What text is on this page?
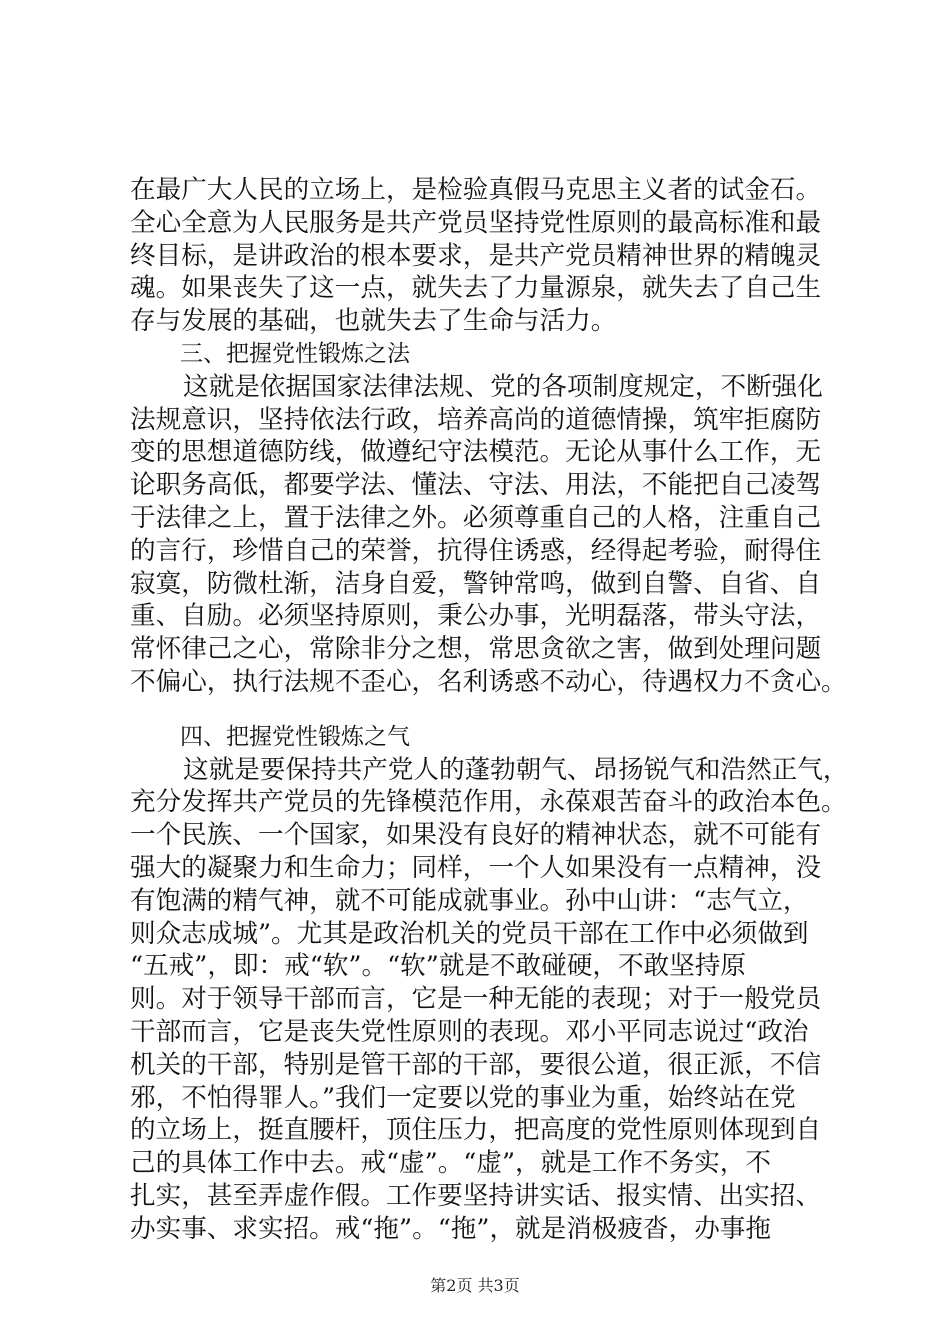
在最广大人民的立场上，是检验真假马克思主义者的试金石。
全心全意为人民服务是共产党员坚持党性原则的最高标准和最
终目标，是讲政治的根本要求，是共产党员精神世界的精魄灵
魂。如果丧失了这一点，就失去了力量源泉，就失去了自己生
存与发展的基础，也就失去了生命与活力。
三、把握党性锻炼之法
这就是依据国家法律法规、党的各项制度规定，不断强化
法规意识，坚持依法行政，培养高尚的道德情操，筑牢拒腐防
变的思想道德防线，做遵纪守法模范。无论从事什么工作，无
论职务高低，都要学法、懂法、守法、用法，不能把自己凌驾
于法律之上，置于法律之外。必须尊重自己的人格，注重自己
的言行，珍惜自己的荣誉，抗得住诱惑，经得起考验，耐得住
寂寞，防微杜渐，洁身自爱，警钟常鸣，做到自警、自省、自
重、自励。必须坚持原则，秉公办事，光明磊落，带头守法，
常怀律己之心，常除非分之想，常思贪欲之害，做到处理问题
不偏心，执行法规不歪心，名利诱惑不动心，待遇权力不贪心。
四、把握党性锻炼之气
这就是要保持共产党人的蓬勃朝气、昂扬锐气和浩然正气，
充分发挥共产党员的先锋模范作用，永葆艰苦奋斗的政治本色。
一个民族、一个国家，如果没有良好的精神状态，就不可能有
强大的凝聚力和生命力；同样，一个人如果没有一点精神，没
有饱满的精气神，就不可能成就事业。孙中山讲：“志气立，
则众志成城”。尤其是政治机关的党员干部在工作中必须做到
“五戒”，即：戒“软”。“软”就是不敢碰硬，不敢坚持原
则。对于领导干部而言，它是一种无能的表现；对于一般党员
干部而言，它是丧失党性原则的表现。邓小平同志说过“政治
机关的干部，特别是管干部的干部，要很公道，很正派，不信
邪，不怕得罪人。”我们一定要以党的事业为重，始终站在党
的立场上，挺直腰杆，顶住压力，把高度的党性原则体现到自
己的具体工作中去。戒“虚”。“虚”，就是工作不务实，不
扎实，甚至弄虚作假。工作要坚持讲实话、报实情、出实招、
办实事、求实招。戒“拖”。“拖”，就是消极疲沓，办事拖
第2页 共3页
